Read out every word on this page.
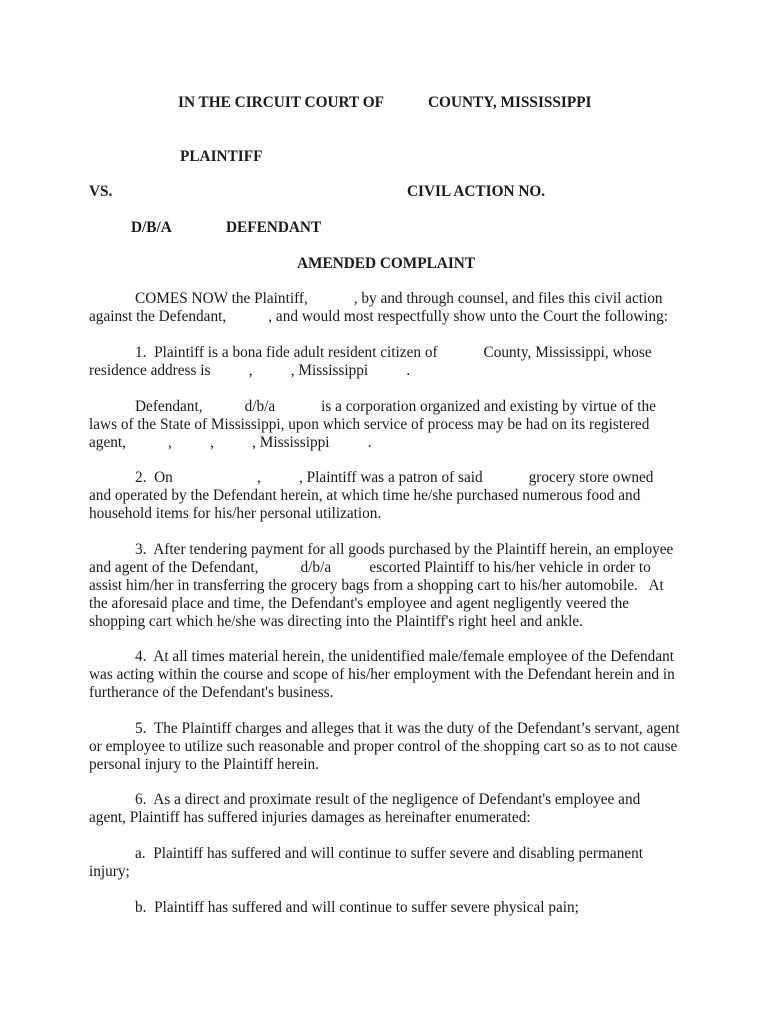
IN THE CIRCUIT COURT OF	COUNTY, MISSISSIPPI
PLAINTIFF
VS.	CIVIL ACTION NO.
D/B/A	DEFENDANT
AMENDED COMPLAINT
COMES NOW the Plaintiff,            , by and through counsel, and files this civil action
against the Defendant,           , and would most respectfully show unto the Court the following:
1.  Plaintiff is a bona fide adult resident citizen of            County, Mississippi, whose
residence address is          ,          , Mississippi          .
Defendant,           d/b/a            is a corporation organized and existing by virtue of the
laws of the State of Mississippi, upon which service of process may be had on its registered
agent,           ,          ,          , Mississippi          .
2.  On                      ,          , Plaintiff was a patron of said            grocery store owned
and operated by the Defendant herein, at which time he/she purchased numerous food and
household items for his/her personal utilization.
3.  After tendering payment for all goods purchased by the Plaintiff herein, an employee
and agent of the Defendant,           d/b/a          escorted Plaintiff to his/her vehicle in order to
assist him/her in transferring the grocery bags from a shopping cart to his/her automobile.   At
the aforesaid place and time, the Defendant's employee and agent negligently veered the
shopping cart which he/she was directing into the Plaintiff's right heel and ankle.
4.  At all times material herein, the unidentified male/female employee of the Defendant
was acting within the course and scope of his/her employment with the Defendant herein and in
furtherance of the Defendant's business.
5.  The Plaintiff charges and alleges that it was the duty of the Defendant’s servant, agent
or employee to utilize such reasonable and proper control of the shopping cart so as to not cause
personal injury to the Plaintiff herein.
6.  As a direct and proximate result of the negligence of Defendant's employee and
agent, Plaintiff has suffered injuries damages as hereinafter enumerated:
a.  Plaintiff has suffered and will continue to suffer severe and disabling permanent
injury;
b.  Plaintiff has suffered and will continue to suffer severe physical pain;
